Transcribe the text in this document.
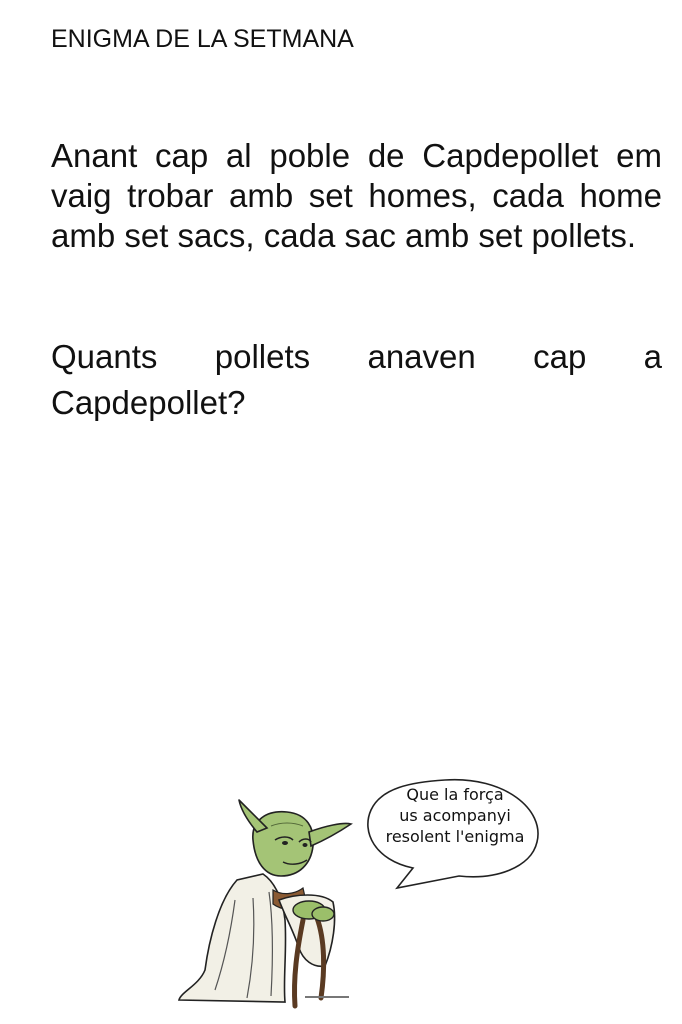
ENIGMA DE LA SETMANA

Anant cap al poble de Capdepollet em vaig trobar amb set homes, cada home amb set sacs, cada sac amb set pollets.

Quants pollets anaven cap a Capdepollet?

Que la força
us acompanyi
resolent l'enigma
